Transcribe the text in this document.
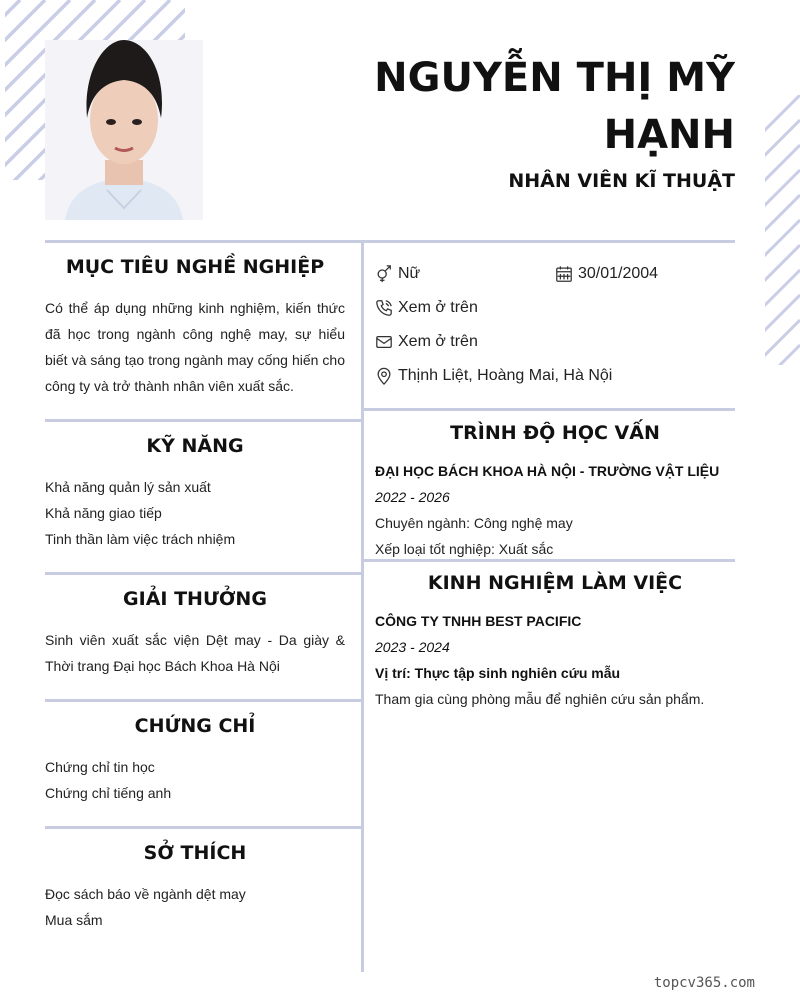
NGUYỄN THỊ MỸ
HẠNH
NHÂN VIÊN KĨ THUẬT
MỤC TIÊU NGHỀ NGHIỆP
Có thể áp dụng những kinh nghiệm, kiến thức đã học trong ngành công nghệ may, sự hiểu biết và sáng tạo trong ngành may cống hiến cho công ty và trở thành nhân viên xuất sắc.
KỸ NĂNG
Khả năng quản lý sản xuất
Khả năng giao tiếp
Tinh thần làm việc trách nhiệm
GIẢI THƯỞNG
Sinh viên xuất sắc viện Dệt may - Da giày & Thời trang Đại học Bách Khoa Hà Nội
CHỨNG CHỈ
Chứng chỉ tin học
Chứng chỉ tiếng anh
SỞ THÍCH
Đọc sách báo về ngành dệt may
Mua sắm
Nữ	30/01/2004
Xem ở trên
Xem ở trên
Thịnh Liệt, Hoàng Mai, Hà Nội
TRÌNH ĐỘ HỌC VẤN
ĐẠI HỌC BÁCH KHOA HÀ NỘI - TRƯỜNG VẬT LIỆU
2022 - 2026
Chuyên ngành: Công nghệ may
Xếp loại tốt nghiệp: Xuất sắc
KINH NGHIỆM LÀM VIỆC
CÔNG TY TNHH BEST PACIFIC
2023 - 2024
Vị trí: Thực tập sinh nghiên cứu mẫu
Tham gia cùng phòng mẫu để nghiên cứu sản phẩm.
topcv365.com
